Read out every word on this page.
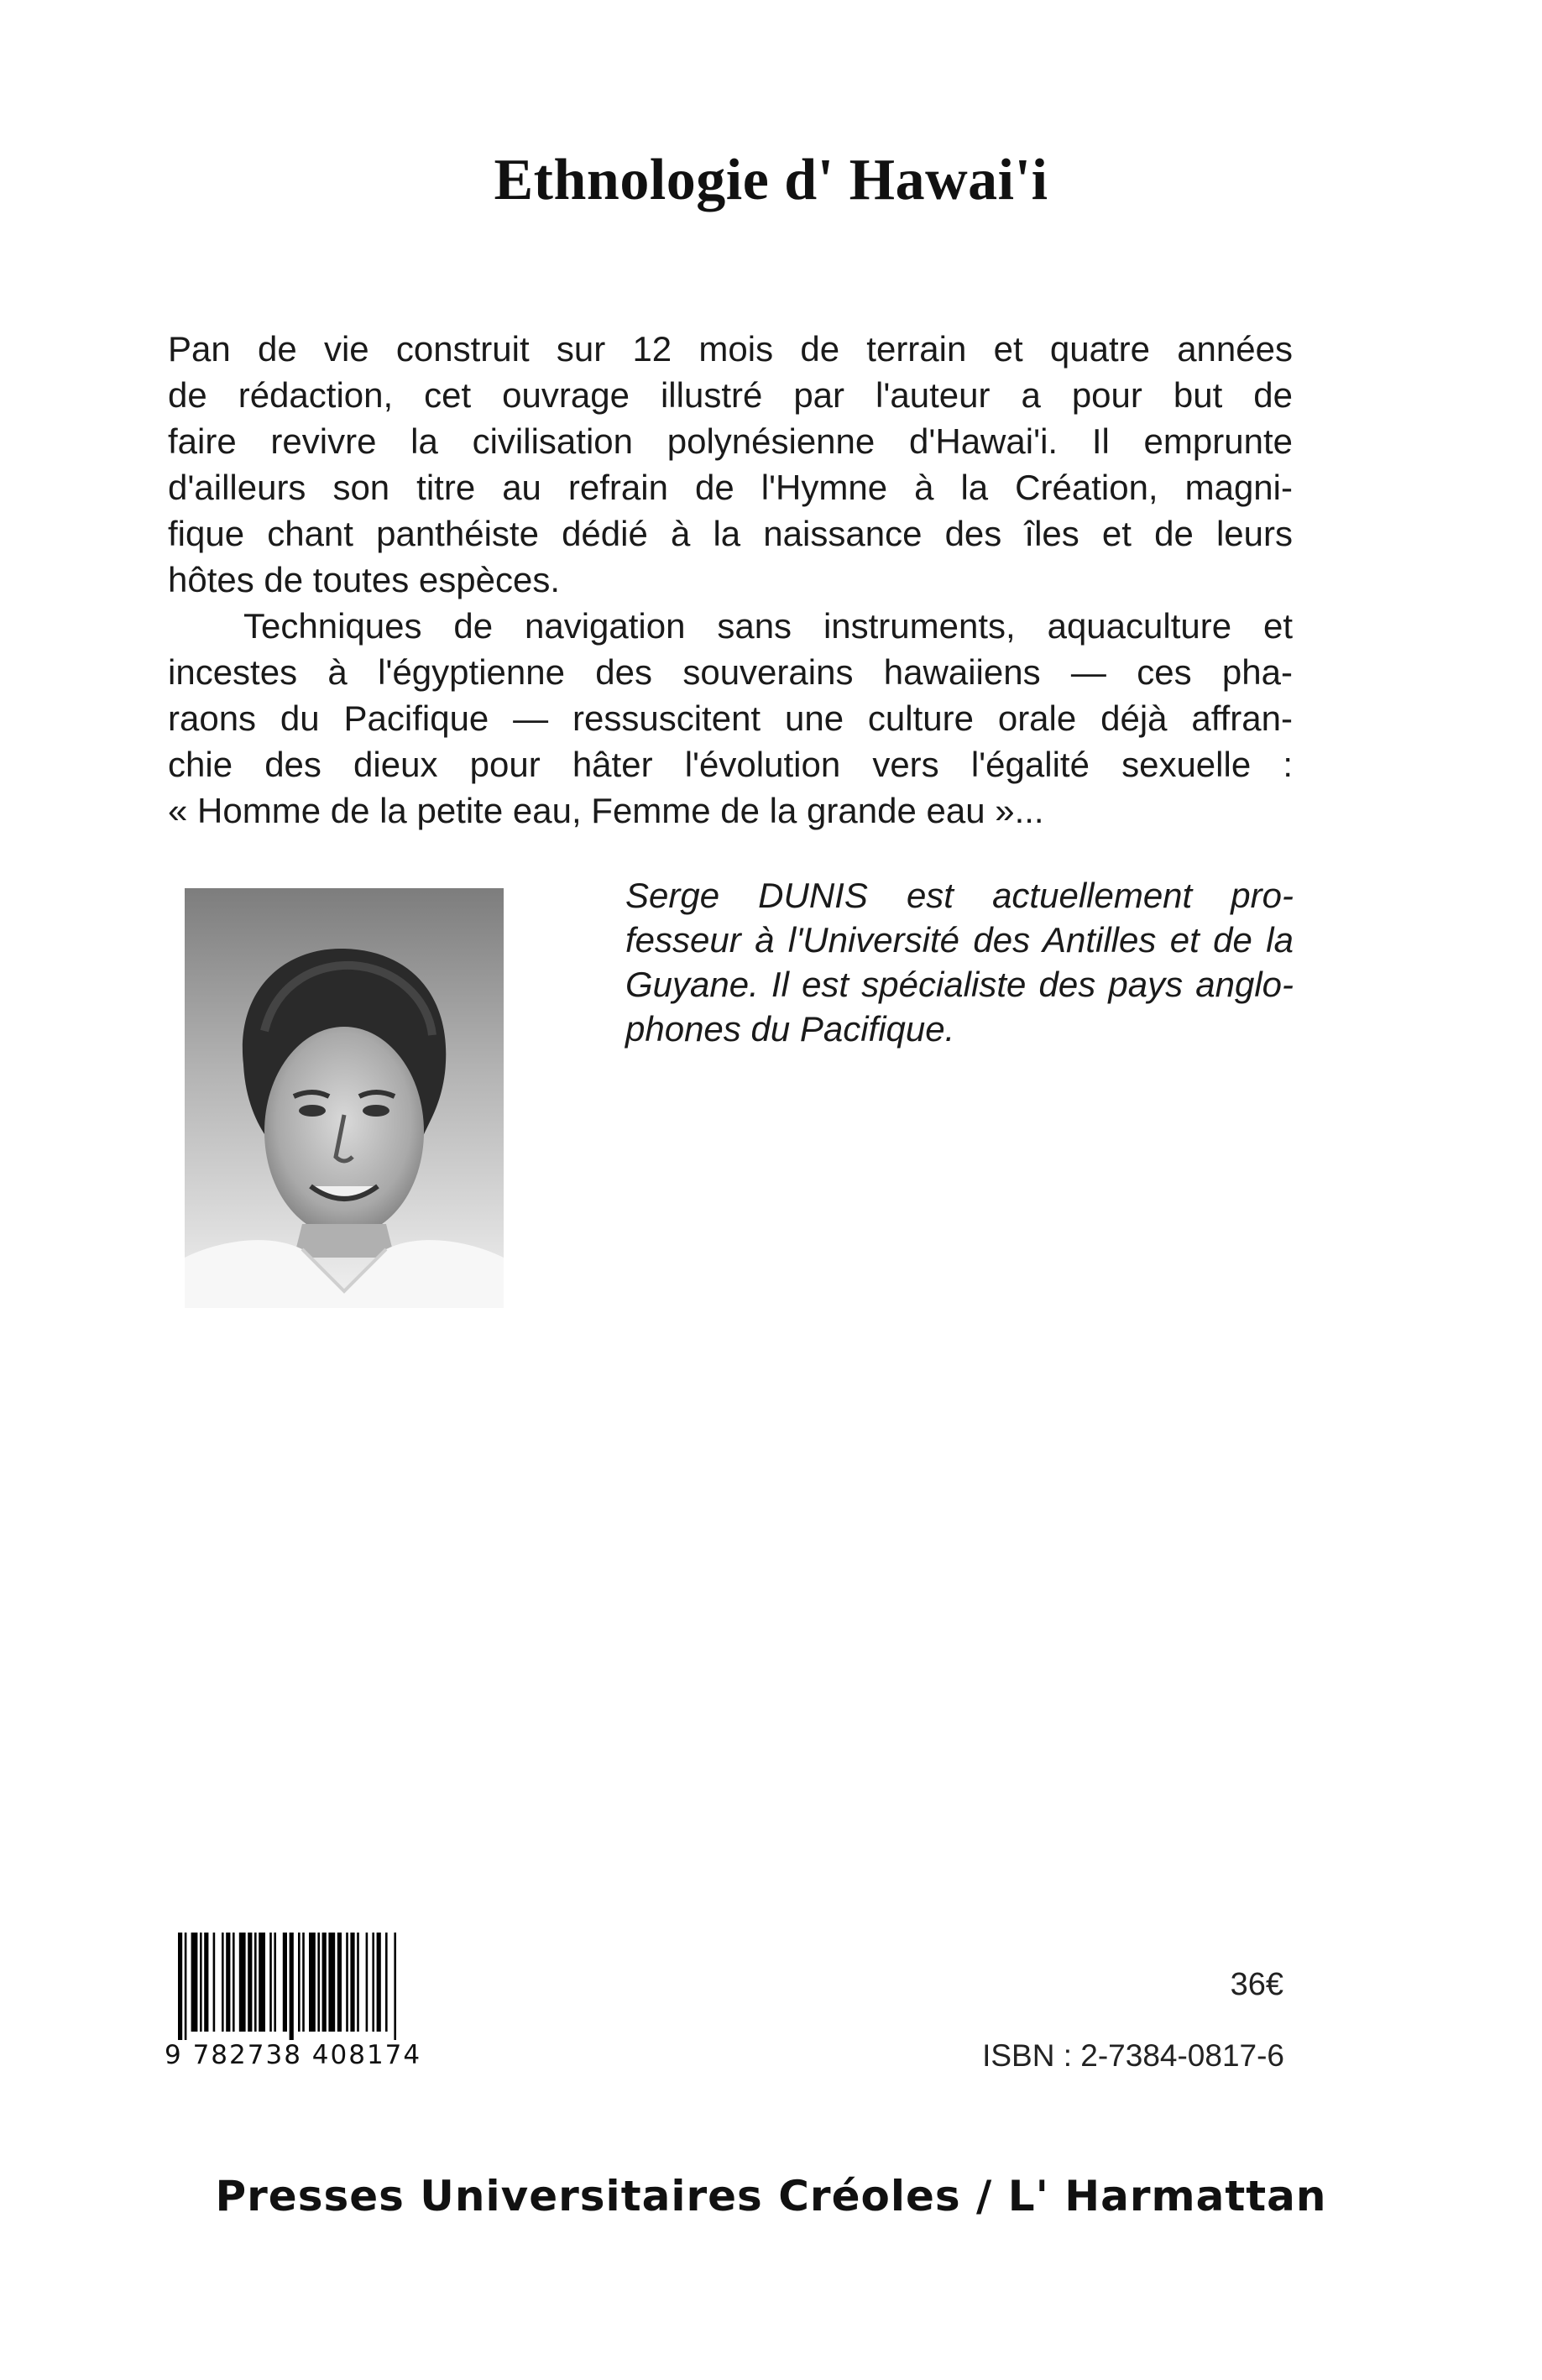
Ethnologie d' Hawai'i
Pan de vie construit sur 12 mois de terrain et quatre années
de rédaction, cet ouvrage illustré par l'auteur a pour but de
faire revivre la civilisation polynésienne d'Hawai'i. Il emprunte
d'ailleurs son titre au refrain de l'Hymne à la Création, magni-
fique chant panthéiste dédié à la naissance des îles et de leurs
hôtes de toutes espèces.
Techniques de navigation sans instruments, aquaculture et
incestes à l'égyptienne des souverains hawaiiens — ces pha-
raons du Pacifique — ressuscitent une culture orale déjà affran-
chie des dieux pour hâter l'évolution vers l'égalité sexuelle :
« Homme de la petite eau, Femme de la grande eau »...
Serge DUNIS est actuellement pro-
fesseur à l'Université des Antilles et de la
Guyane. Il est spécialiste des pays anglo-
phones du Pacifique.
9 782738 408174
36€
ISBN : 2-7384-0817-6
Presses Universitaires Créoles / L' Harmattan
